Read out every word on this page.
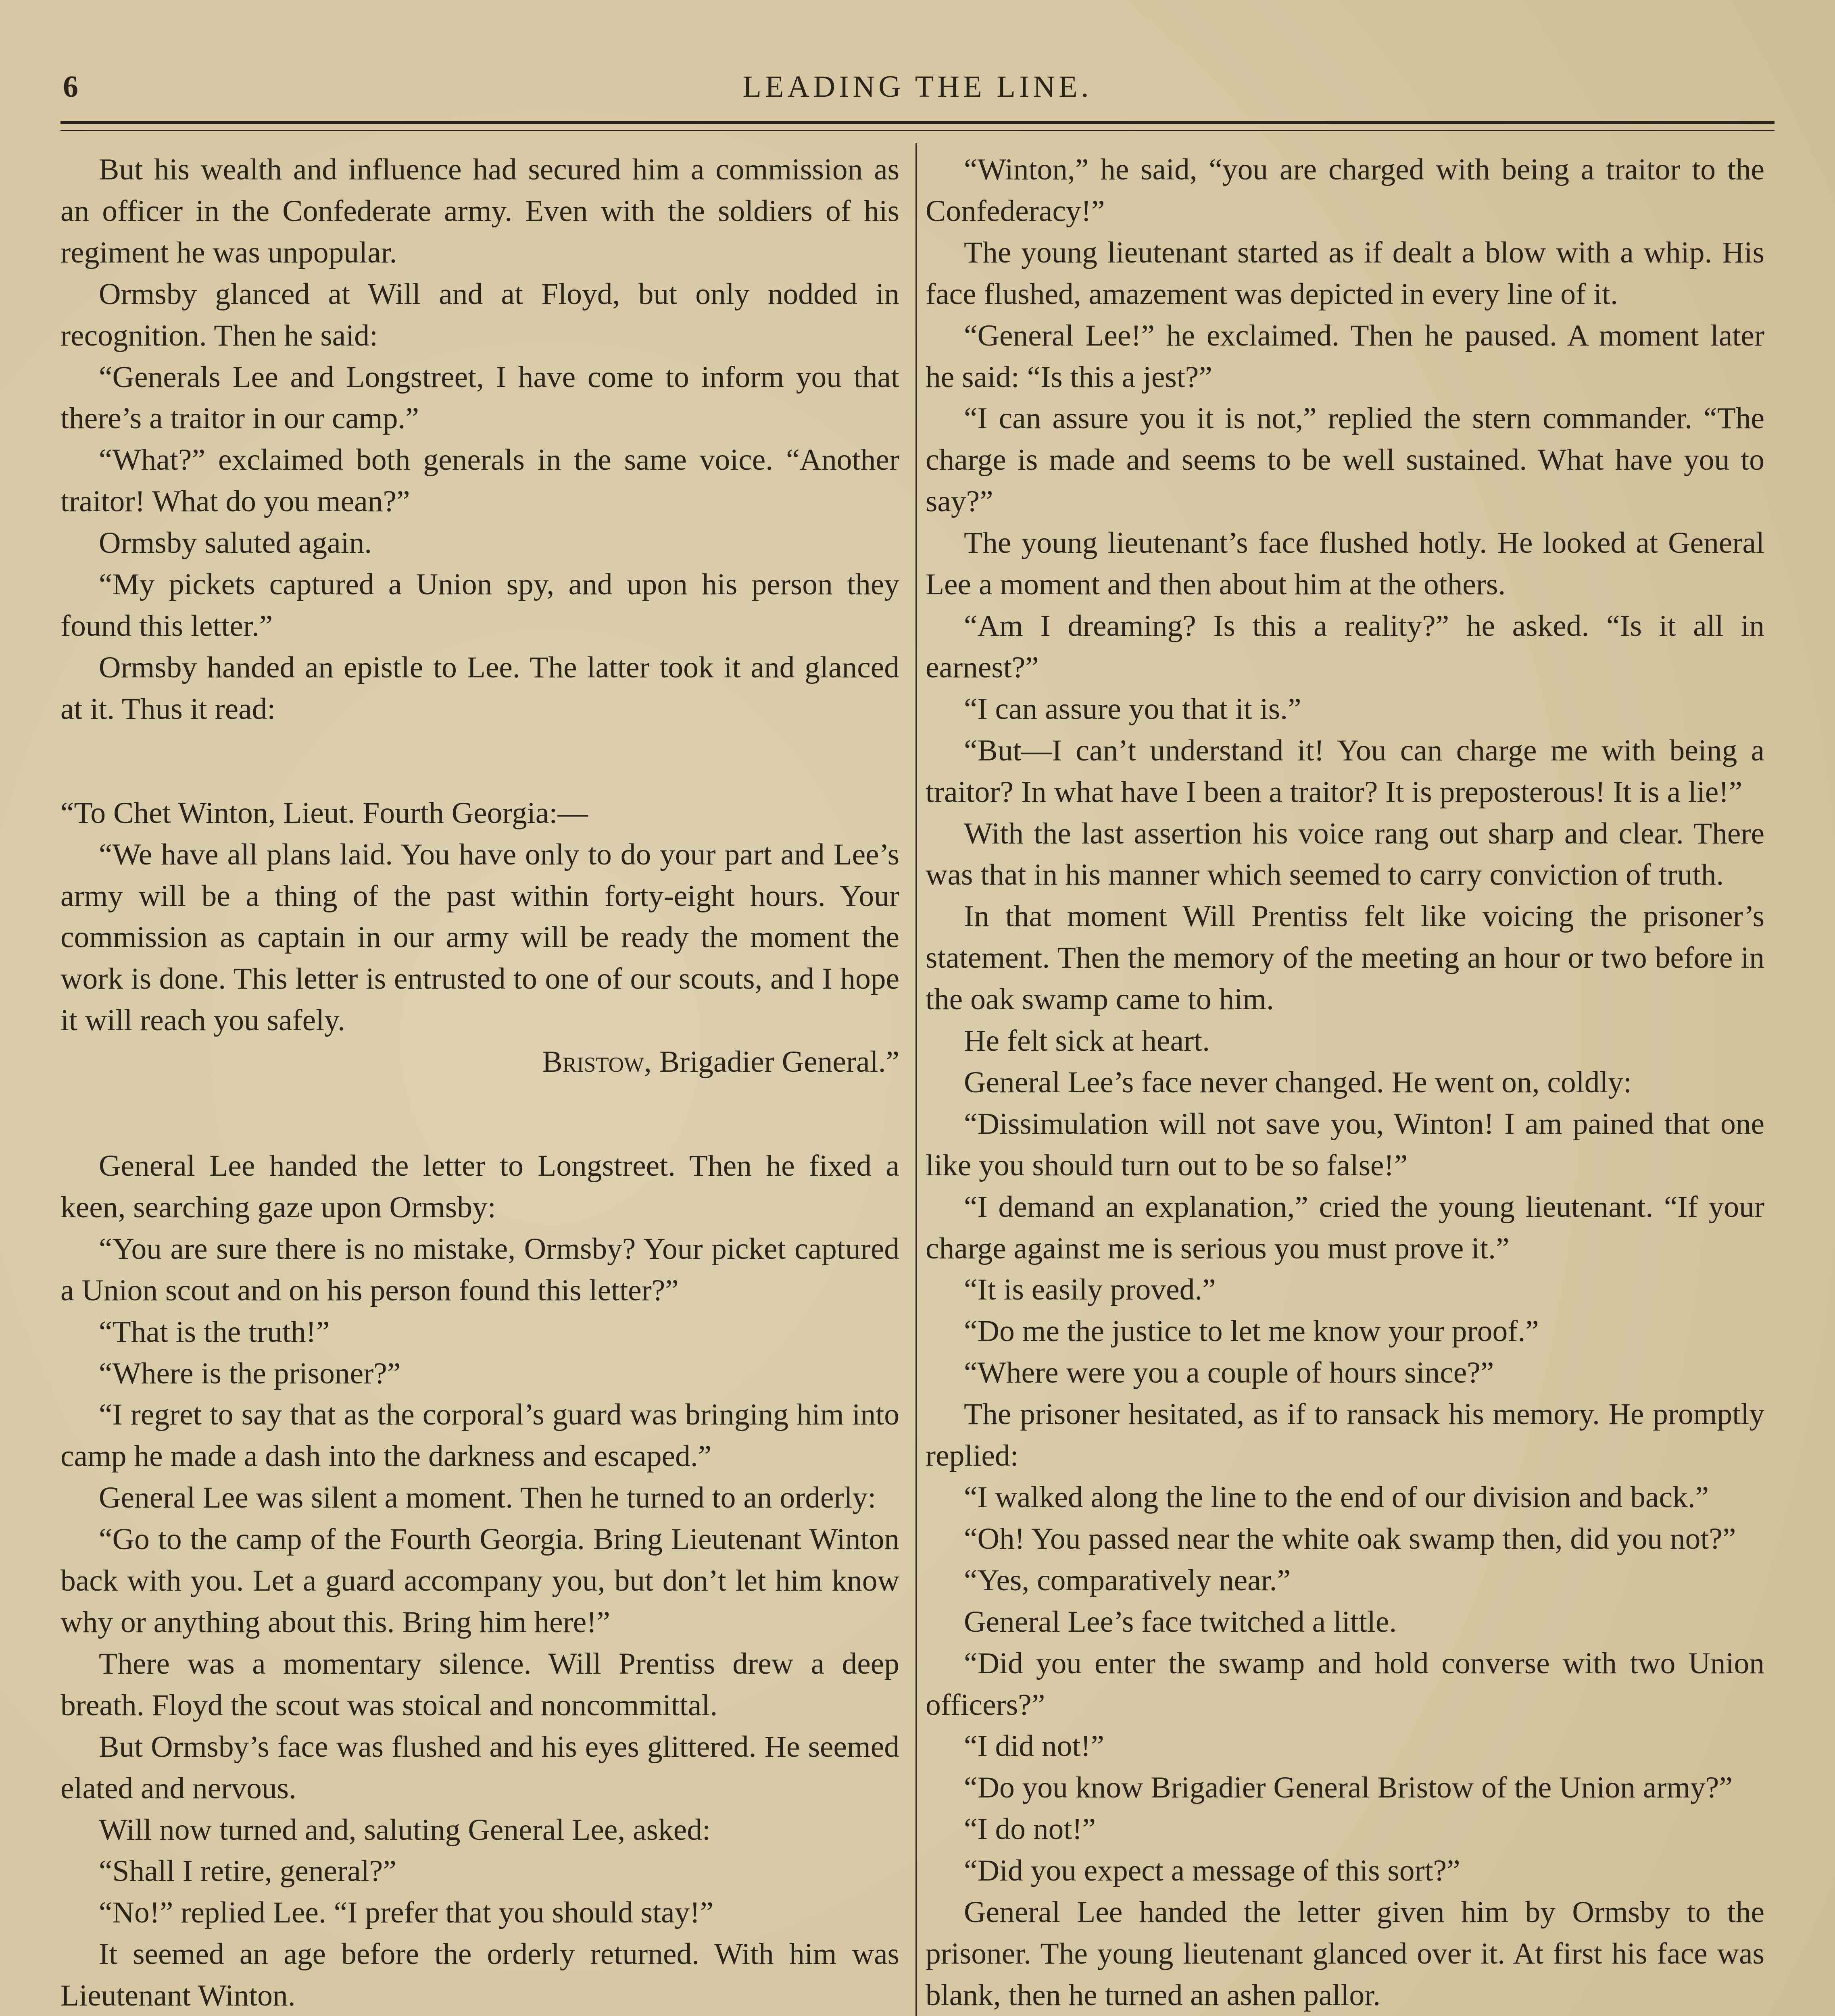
6	LEADING THE LINE.

But his wealth and influence had secured him a commission as an officer in the Confederate army. Even with the soldiers of his regiment he was unpopular.

Ormsby glanced at Will and at Floyd, but only nodded in recognition. Then he said:

“Generals Lee and Longstreet, I have come to inform you that there’s a traitor in our camp.”

“What?” exclaimed both generals in the same voice. “Another traitor! What do you mean?”

Ormsby saluted again.

“My pickets captured a Union spy, and upon his person they found this letter.”

Ormsby handed an epistle to Lee. The latter took it and glanced at it. Thus it read:

“To Chet Winton, Lieut. Fourth Georgia:—

“We have all plans laid. You have only to do your part and Lee’s army will be a thing of the past within forty-eight hours. Your commission as captain in our army will be ready the moment the work is done. This letter is entrusted to one of our scouts, and I hope it will reach you safely.

Bristow, Brigadier General.”

General Lee handed the letter to Longstreet. Then he fixed a keen, searching gaze upon Ormsby:

“You are sure there is no mistake, Ormsby? Your picket captured a Union scout and on his person found this letter?”

“That is the truth!”

“Where is the prisoner?”

“I regret to say that as the corporal’s guard was bringing him into camp he made a dash into the darkness and escaped.”

General Lee was silent a moment. Then he turned to an orderly:

“Go to the camp of the Fourth Georgia. Bring Lieutenant Winton back with you. Let a guard accompany you, but don’t let him know why or anything about this. Bring him here!”

There was a momentary silence. Will Prentiss drew a deep breath. Floyd the scout was stoical and noncommittal.

But Ormsby’s face was flushed and his eyes glittered. He seemed elated and nervous.

Will now turned and, saluting General Lee, asked:

“Shall I retire, general?”

“No!” replied Lee. “I prefer that you should stay!”

It seemed an age before the orderly returned. With him was Lieutenant Winton.

“Winton,” he said, “you are charged with being a traitor to the Confederacy!”

The young lieutenant started as if dealt a blow with a whip. His face flushed, amazement was depicted in every line of it.

“General Lee!” he exclaimed. Then he paused. A moment later he said: “Is this a jest?”

“I can assure you it is not,” replied the stern commander. “The charge is made and seems to be well sustained. What have you to say?”

The young lieutenant’s face flushed hotly. He looked at General Lee a moment and then about him at the others.

“Am I dreaming? Is this a reality?” he asked. “Is it all in earnest?”

“I can assure you that it is.”

“But—I can’t understand it! You can charge me with being a traitor? In what have I been a traitor? It is preposterous! It is a lie!”

With the last assertion his voice rang out sharp and clear. There was that in his manner which seemed to carry conviction of truth.

In that moment Will Prentiss felt like voicing the prisoner’s statement. Then the memory of the meeting an hour or two before in the oak swamp came to him.

He felt sick at heart.

General Lee’s face never changed. He went on, coldly:

“Dissimulation will not save you, Winton! I am pained that one like you should turn out to be so false!”

“I demand an explanation,” cried the young lieutenant. “If your charge against me is serious you must prove it.”

“It is easily proved.”

“Do me the justice to let me know your proof.”

“Where were you a couple of hours since?”

The prisoner hesitated, as if to ransack his memory. He promptly replied:

“I walked along the line to the end of our division and back.”

“Oh! You passed near the white oak swamp then, did you not?”

“Yes, comparatively near.”

General Lee’s face twitched a little.

“Did you enter the swamp and hold converse with two Union officers?”

“I did not!”

“Do you know Brigadier General Bristow of the Union army?”

“I do not!”

“Did you expect a message of this sort?”

General Lee handed the letter given him by Ormsby to the prisoner. The young lieutenant glanced over it. At first his face was blank, then he turned an ashen pallor.
